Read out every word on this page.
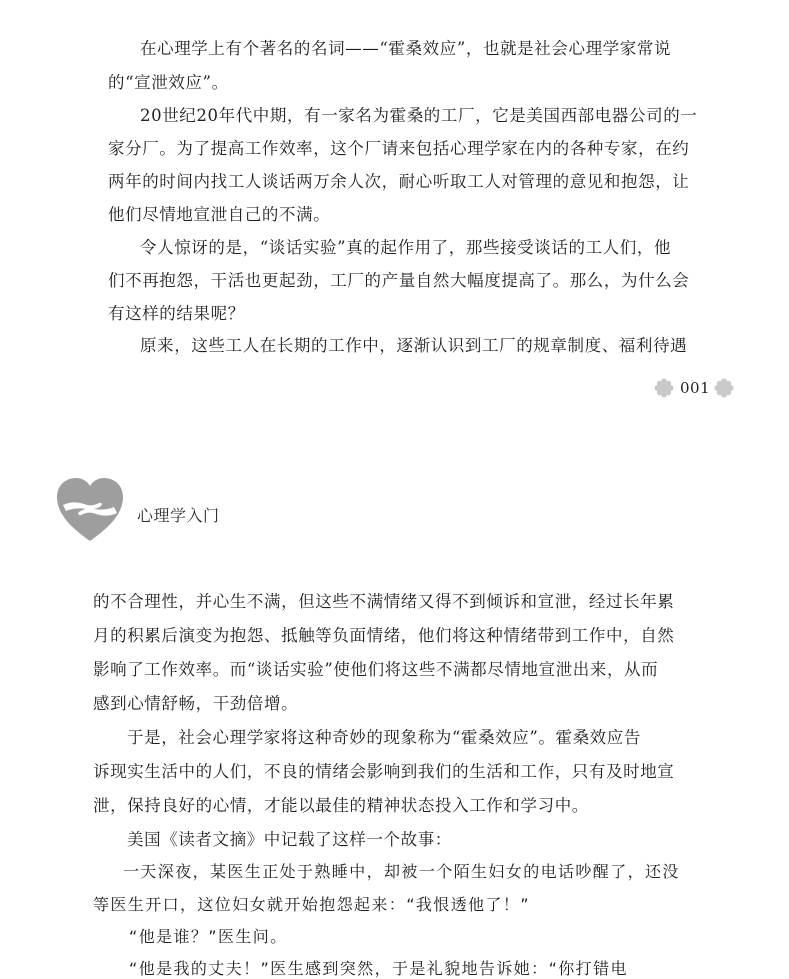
在心理学上有个著名的名词——“霍桑效应”，也就是社会心理学家常说

的“宣泄效应”。

20世纪20年代中期，有一家名为霍桑的工厂，它是美国西部电器公司的一

家分厂。为了提高工作效率，这个厂请来包括心理学家在内的各种专家，在约

两年的时间内找工人谈话两万余人次，耐心听取工人对管理的意见和抱怨，让

他们尽情地宣泄自己的不满。

令人惊讶的是，“谈话实验”真的起作用了，那些接受谈话的工人们，他

们不再抱怨，干活也更起劲，工厂的产量自然大幅度提高了。那么，为什么会

有这样的结果呢？

原来，这些工人在长期的工作中，逐渐认识到工厂的规章制度、福利待遇

001
心理学入门

的不合理性，并心生不满，但这些不满情绪又得不到倾诉和宣泄，经过长年累

月的积累后演变为抱怨、抵触等负面情绪，他们将这种情绪带到工作中，自然

影响了工作效率。而“谈话实验”使他们将这些不满都尽情地宣泄出来，从而

感到心情舒畅，干劲倍增。

于是，社会心理学家将这种奇妙的现象称为“霍桑效应”。霍桑效应告

诉现实生活中的人们，不良的情绪会影响到我们的生活和工作，只有及时地宣

泄，保持良好的心情，才能以最佳的精神状态投入工作和学习中。

美国《读者文摘》中记载了这样一个故事：

一天深夜，某医生正处于熟睡中，却被一个陌生妇女的电话吵醒了，还没

等医生开口，这位妇女就开始抱怨起来：“我恨透他了！”

“他是谁？”医生问。

“他是我的丈夫！”医生感到突然，于是礼貌地告诉她：“你打错电
